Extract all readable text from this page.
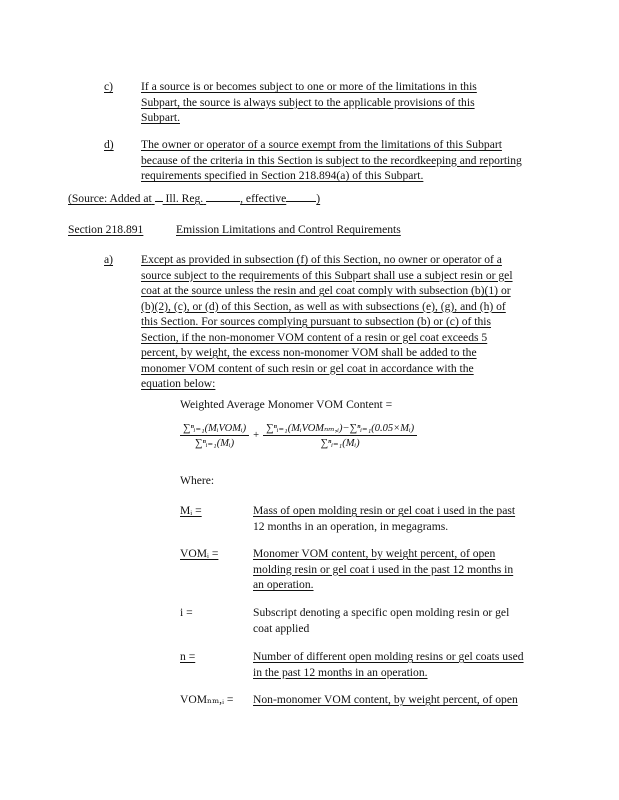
c) If a source is or becomes subject to one or more of the limitations in this
Subpart, the source is always subject to the applicable provisions of this
Subpart.
d) The owner or operator of a source exempt from the limitations of this Subpart
because of the criteria in this Section is subject to the recordkeeping and reporting
requirements specified in Section 218.894(a) of this Subpart.
(Source: Added at Ill. Reg.	, effective	)
Section 218.891	Emission Limitations and Control Requirements
a) Except as provided in subsection (f) of this Section, no owner or operator of a
source subject to the requirements of this Subpart shall use a subject resin or gel
coat at the source unless the resin and gel coat comply with subsection (b)(1) or
(b)(2), (c), or (d) of this Section, as well as with subsections (e), (g), and (h) of
this Section. For sources complying pursuant to subsection (b) or (c) of this
Section, if the non-monomer VOM content of a resin or gel coat exceeds 5
percent, by weight, the excess non-monomer VOM shall be added to the
monomer VOM content of such resin or gel coat in accordance with the
equation below:
Weighted Average Monomer VOM Content =
$\frac{\text{∑ⁿᵢ₌₁(MᵢVOMᵢ)}}{\text{∑ⁿᵢ₌₁(Mᵢ)}} + \frac{\text{∑ⁿᵢ₌₁(MᵢVOMₙₘ,ᵢ)−∑ⁿᵢ₌₁(0.05×Mᵢ)}}{\text{∑ⁿᵢ₌₁(Mᵢ)}}$
Where:
Mᵢ =	Mass of open molding resin or gel coat i used in the past
12 months in an operation, in megagrams.
VOMᵢ =	Monomer VOM content, by weight percent, of open
molding resin or gel coat i used in the past 12 months in
an operation.
i =	Subscript denoting a specific open molding resin or gel
coat applied
n =	Number of different open molding resins or gel coats used
in the past 12 months in an operation.
VOMₙₘ,ᵢ = Non-monomer VOM content, by weight percent, of open
